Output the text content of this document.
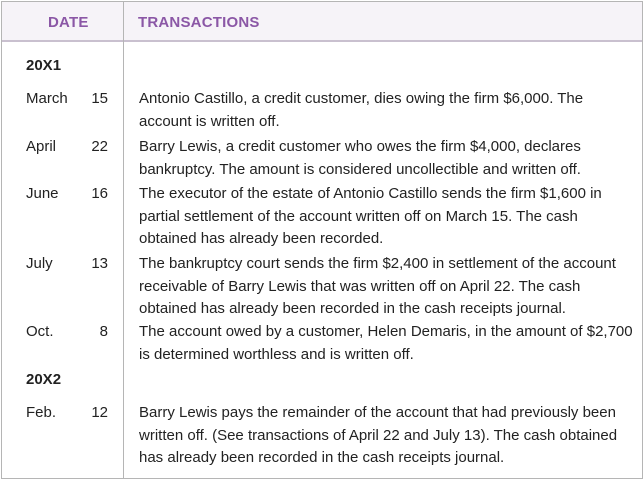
DATE	TRANSACTIONS
20X1
March	15 Antonio Castillo, a credit customer, dies owing the firm $6,000. The account is written off.
April	22 Barry Lewis, a credit customer who owes the firm $4,000, declares bankruptcy. The amount is considered uncollectible and written off.
June	16 The executor of the estate of Antonio Castillo sends the firm $1,600 in partial settlement of the account written off on March 15. The cash obtained has already been recorded.
July	13 The bankruptcy court sends the firm $2,400 in settlement of the account receivable of Barry Lewis that was written off on April 22. The cash obtained has already been recorded in the cash receipts journal.
Oct.	8 The account owed by a customer, Helen Demaris, in the amount of $2,700 is determined worthless and is written off.
20X2
Feb.	12 Barry Lewis pays the remainder of the account that had previously been written off. (See transactions of April 22 and July 13). The cash obtained has already been recorded in the cash receipts journal.
